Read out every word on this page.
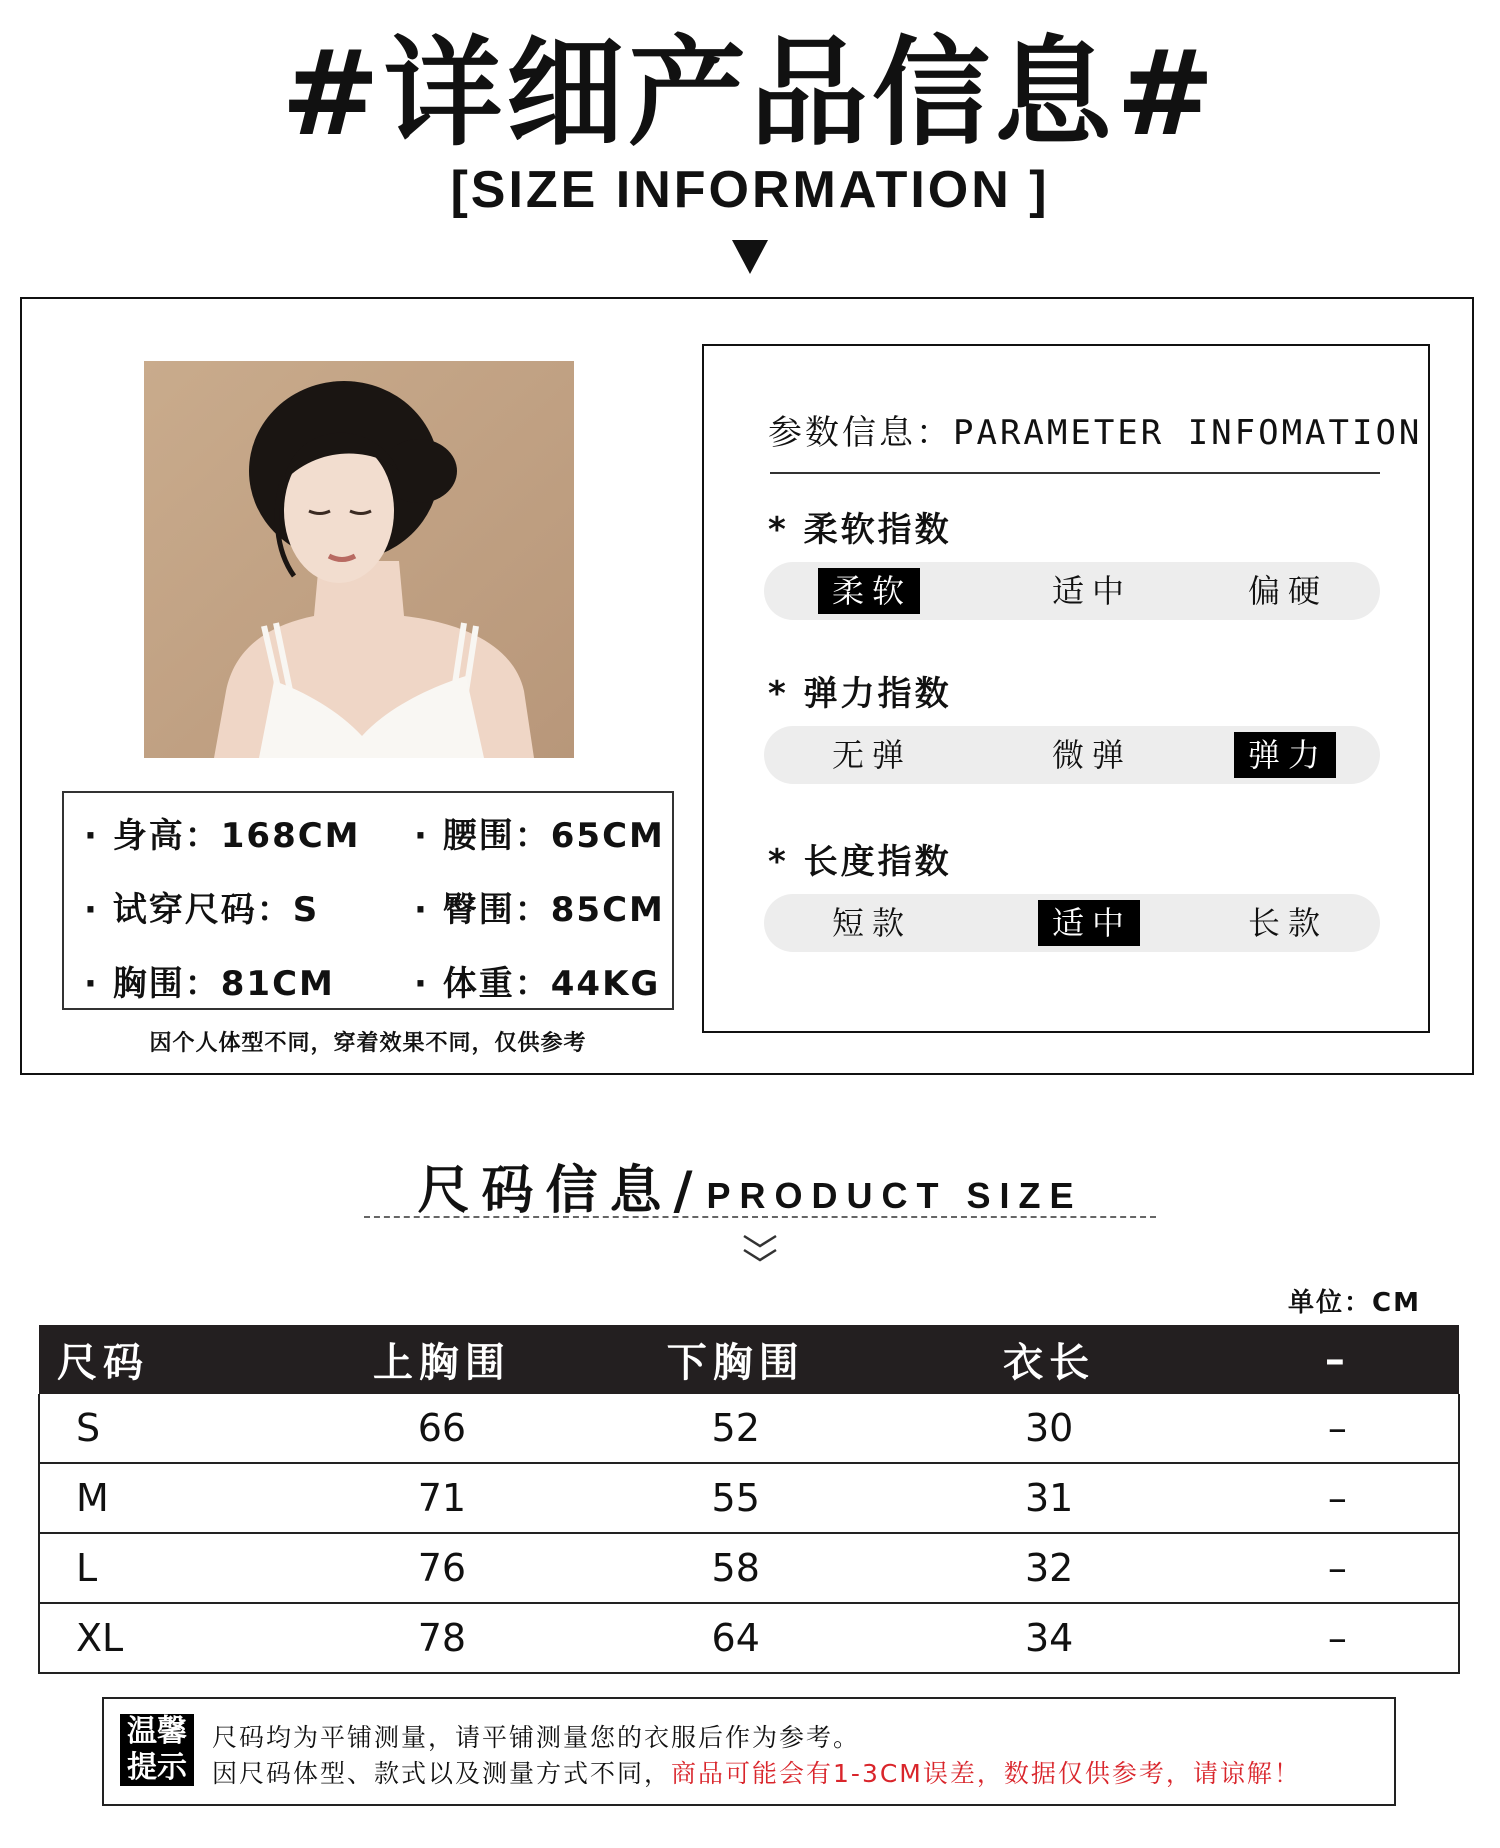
#详细产品信息#
[SIZE INFORMATION ]
· 身高：168CM · 腰围：65CM
· 试穿尺码：S	· 臀围：85CM
· 胸围：81CM · 体重：44KG
因个人体型不同，穿着效果不同，仅供参考
参数信息：PARAMETER INFOMATION
* 柔软指数
柔软	适中	偏硬
* 弹力指数
无弹	微弹	弹力
* 长度指数
短款	适中	长款
尺码信息/ PRODUCT SIZE
单位：CM
尺码	上胸围	下胸围	衣长	–
S	66	52	30	–
M	71	55	31	–
L	76	58	32	–
XL	78	64	34	–
温馨
提示
尺码均为平铺测量，请平铺测量您的衣服后作为参考。
因尺码体型、款式以及测量方式不同，商品可能会有1-3CM误差，数据仅供参考，请谅解！
